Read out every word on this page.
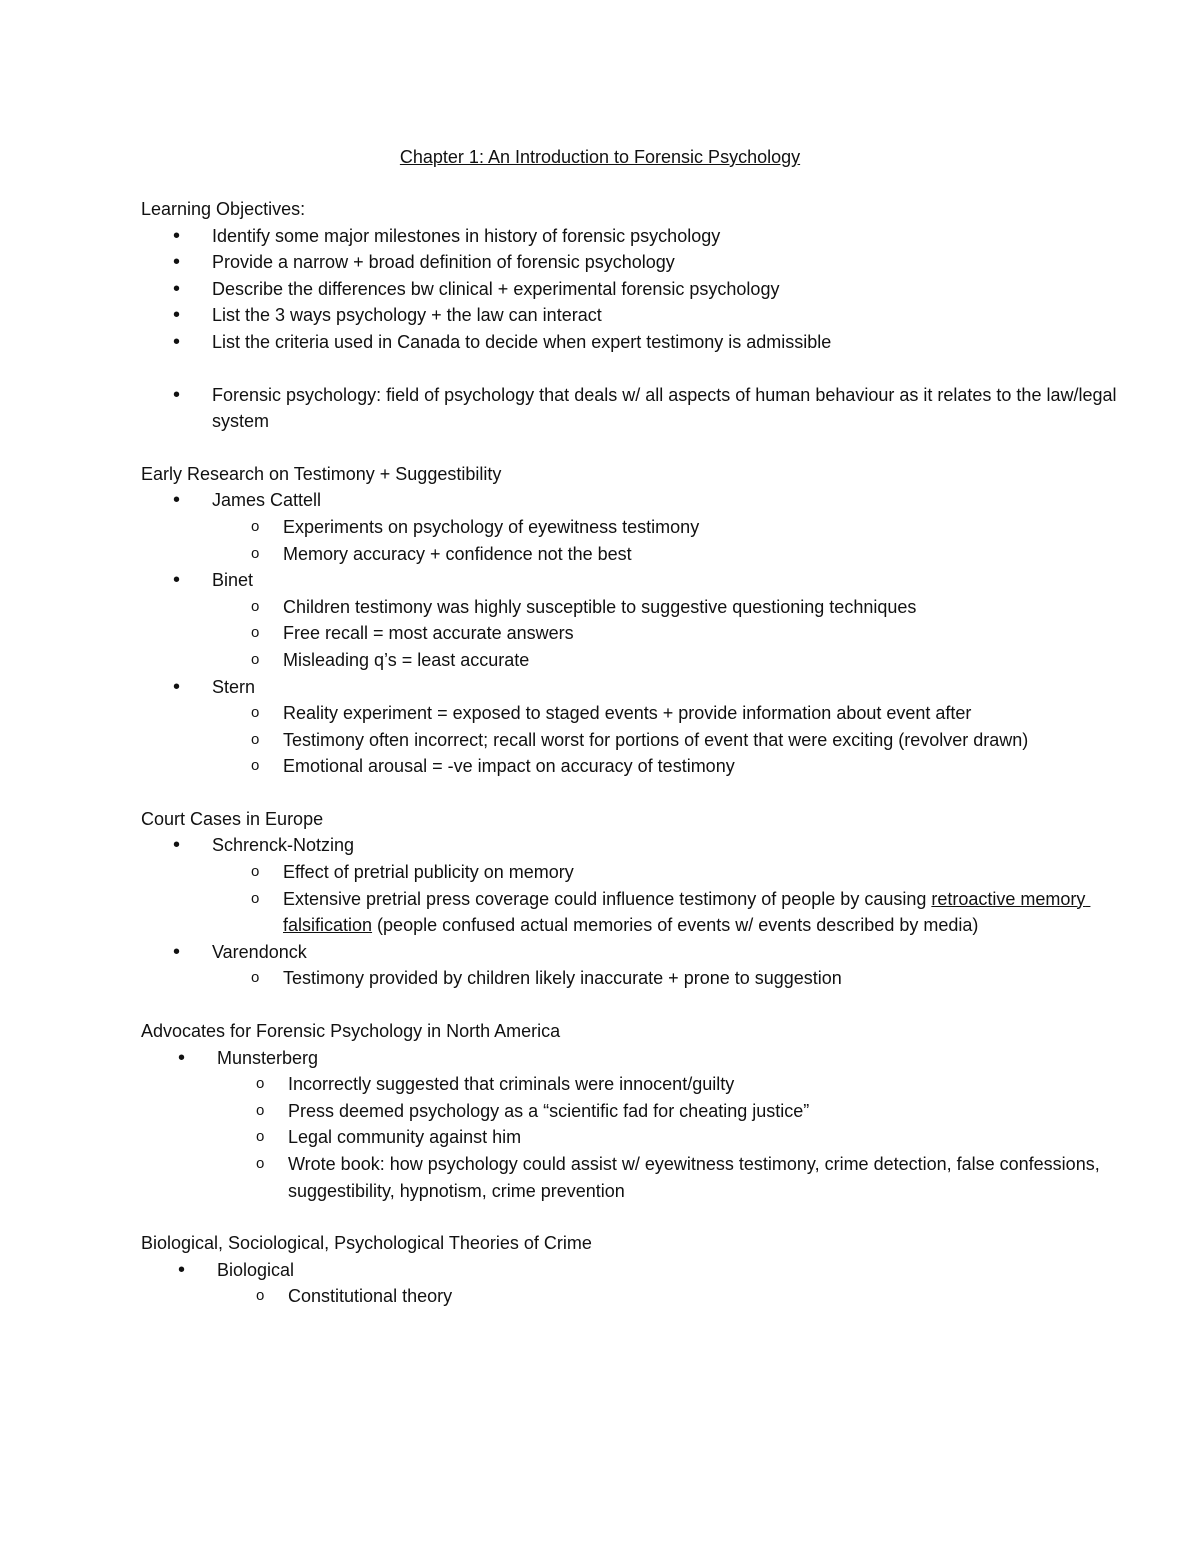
Chapter 1: An Introduction to Forensic Psychology
Learning Objectives:
• Identify some major milestones in history of forensic psychology
• Provide a narrow + broad definition of forensic psychology
• Describe the differences bw clinical + experimental forensic psychology
• List the 3 ways psychology + the law can interact
• List the criteria used in Canada to decide when expert testimony is admissible
• Forensic psychology: field of psychology that deals w/ all aspects of human behaviour as it relates to the law/legal system
Early Research on Testimony + Suggestibility
• James Cattell
o Experiments on psychology of eyewitness testimony
o Memory accuracy + confidence not the best
• Binet
o Children testimony was highly susceptible to suggestive questioning techniques
o Free recall = most accurate answers
o Misleading q’s = least accurate
• Stern
o Reality experiment = exposed to staged events + provide information about event after
o Testimony often incorrect; recall worst for portions of event that were exciting (revolver drawn)
o Emotional arousal = -ve impact on accuracy of testimony
Court Cases in Europe
• Schrenck-Notzing
o Effect of pretrial publicity on memory
o Extensive pretrial press coverage could influence testimony of people by causing retroactive memory falsification (people confused actual memories of events w/ events described by media)
• Varendonck
o Testimony provided by children likely inaccurate + prone to suggestion
Advocates for Forensic Psychology in North America
• Munsterberg
o Incorrectly suggested that criminals were innocent/guilty
o Press deemed psychology as a “scientific fad for cheating justice”
o Legal community against him
o Wrote book: how psychology could assist w/ eyewitness testimony, crime detection, false confessions, suggestibility, hypnotism, crime prevention
Biological, Sociological, Psychological Theories of Crime
• Biological
o Constitutional theory
